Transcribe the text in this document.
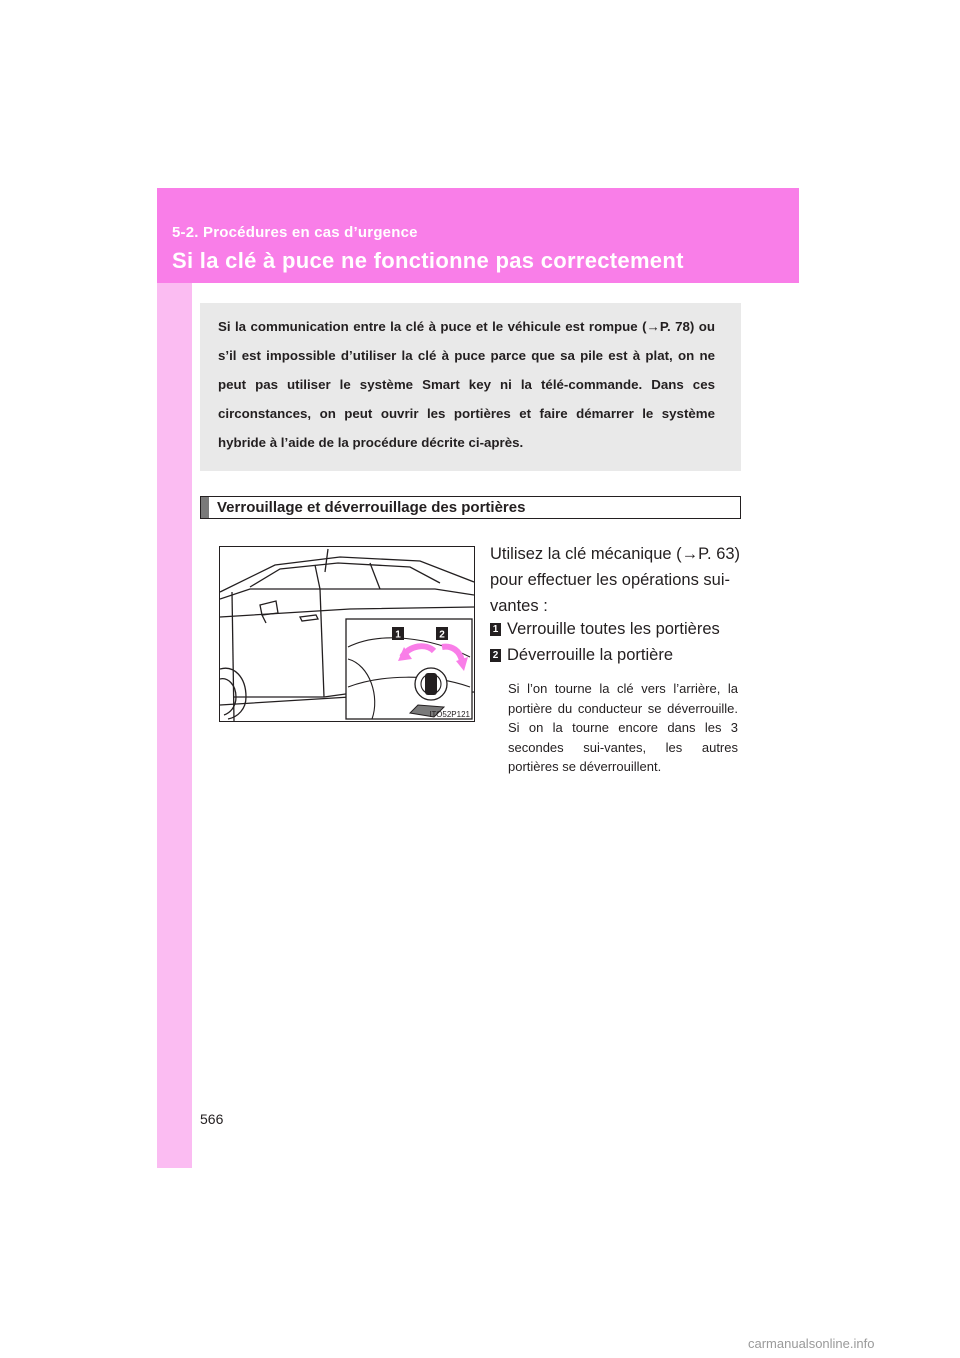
5-2. Procédures en cas d’urgence
Si la clé à puce ne fonctionne pas correctement
Si la communication entre la clé à puce et le véhicule est rompue (→P. 78) ou s’il est impossible d’utiliser la clé à puce parce que sa pile est à plat, on ne peut pas utiliser le système Smart key ni la télé-commande. Dans ces circonstances, on peut ouvrir les portières et faire démarrer le système hybride à l’aide de la procédure décrite ci-après.
Verrouillage et déverrouillage des portières
1	2
ITO52P121
Utilisez la clé mécanique (→P. 63) pour effectuer les opérations sui-vantes :
1 Verrouille toutes les portières
2 Déverrouille la portière
Si l’on tourne la clé vers l’arrière, la portière du conducteur se déverrouille. Si on la tourne encore dans les 3 secondes sui-vantes, les autres portières se déverrouillent.
566
carmanualsonline.info
